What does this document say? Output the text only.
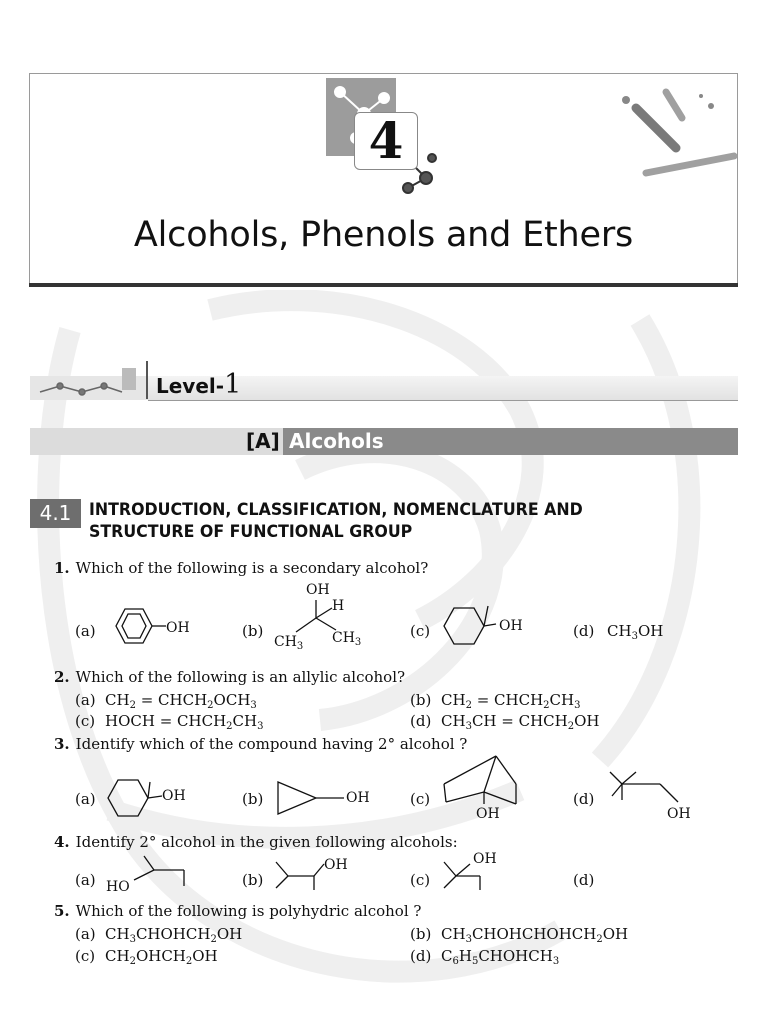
4
Alcohols, Phenols and Ethers
Level-1
[A] Alcohols
4.1	INTRODUCTION, CLASSIFICATION, NOMENCLATURE AND STRUCTURE OF FUNCTIONAL GROUP
1. Which of the following is a secondary alcohol?
(a)	OH	(b)
OH
H
$CH_3$
$CH_3$
(c)	OH	(d) $CH_3OH$
2. Which of the following is an allylic alcohol?
(a) $CH_2$ = $CHCH_2OCH_3$	(b) $CH_2$ = $CHCH_2CH_3$
(c) HOCH = $CHCH_2CH_3$	(d) $CH_3CH$ = $CHCH_2OH$
3. Identify which of the compound having 2° alcohol ?
(a)	OH	(b)	OH	(c)
OH
(d)
OH
4. Identify 2° alcohol in the given following alcohols:
(a) HO	(b)
OH
(c)
OH
(d)
5. Which of the following is polyhydric alcohol ?
(a) $CH_3CHOHCH_2OH$	(b) $CH_3CHOHCHOHCH_2OH$
(c) $CH_2OHCH_2OH$	(d) $C_6H_5CHOHCH_3$
